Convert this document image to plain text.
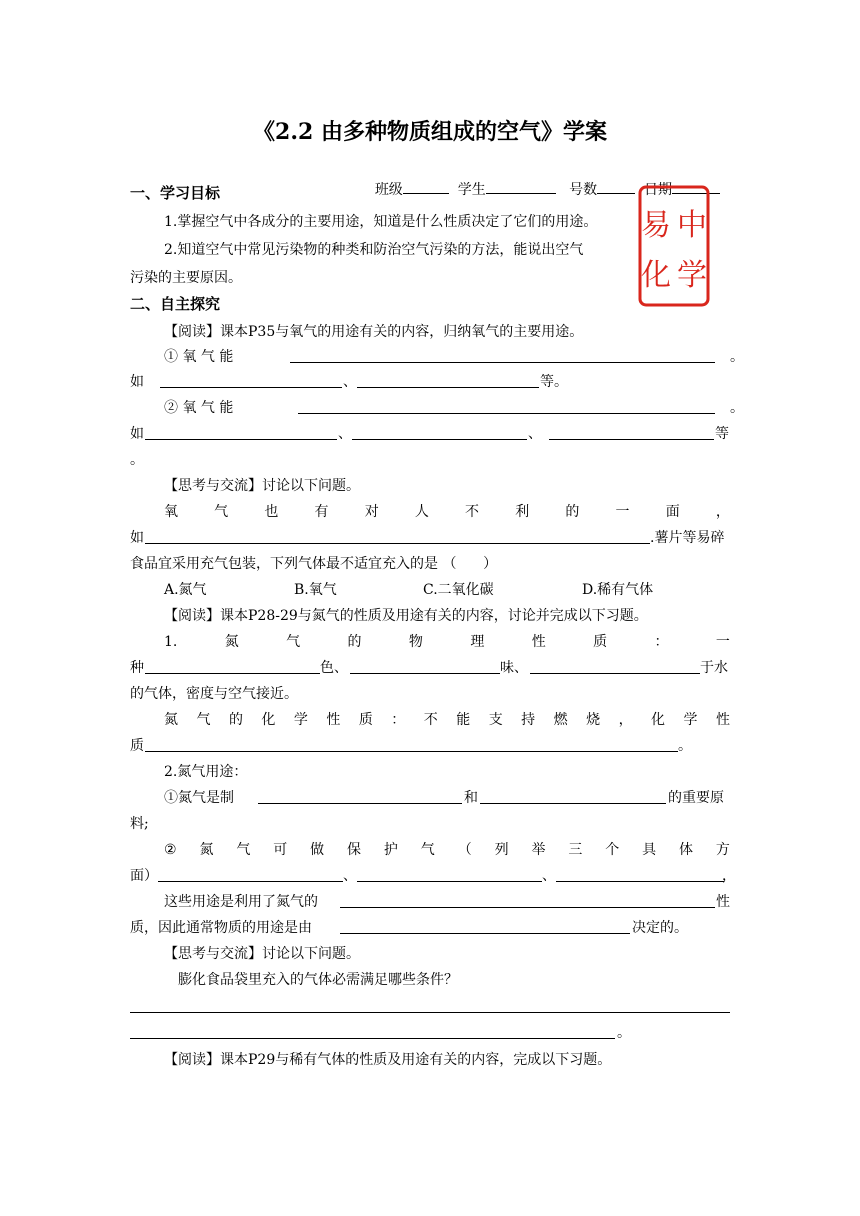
《2.2 由多种物质组成的空气》学案

班级	学生	号数	日期

一、学习目标
1.掌握空气中各成分的主要用途，知道是什么性质决定了它们的用途。
2.知道空气中常见污染物的种类和防治空气污染的方法，能说出空气
污染的主要原因。
中
学
易
化
二、自主探究
【阅读】课本P35与氧气的用途有关的内容，归纳氧气的主要用途。
① 氧 气 能	。
如	、	等。
② 氧 气 能	。
如	、	、	等
。
【思考与交流】讨论以下问题。
氧	气	也	有	对	人	不	利	的	一	面	，
如	.薯片等易碎
食品宜采用充气包装，下列气体最不适宜充入的是 （      ）
A.氮气	B.氧气	C.二氧化碳	D.稀有气体
【阅读】课本P28-29与氮气的性质及用途有关的内容，讨论并完成以下习题。
1.	氮	气	的	物	理	性	质	：	一
种	色、	味、	于水
的气体，密度与空气接近。
氮 气 的 化 学 性 质 ： 不 能 支 持 燃 烧 ， 化 学 性
质	。
2.氮气用途：
①氮气是制	和	的重要原
料;
② 氮 气 可 做 保 护 气 （ 列 举 三 个 具 体 方
面）	、	、	，
这些用途是利用了氮气的	性
质，因此通常物质的用途是由	决定的。
【思考与交流】讨论以下问题。
膨化食品袋里充入的气体必需满足哪些条件？
。
【阅读】课本P29与稀有气体的性质及用途有关的内容，完成以下习题。
